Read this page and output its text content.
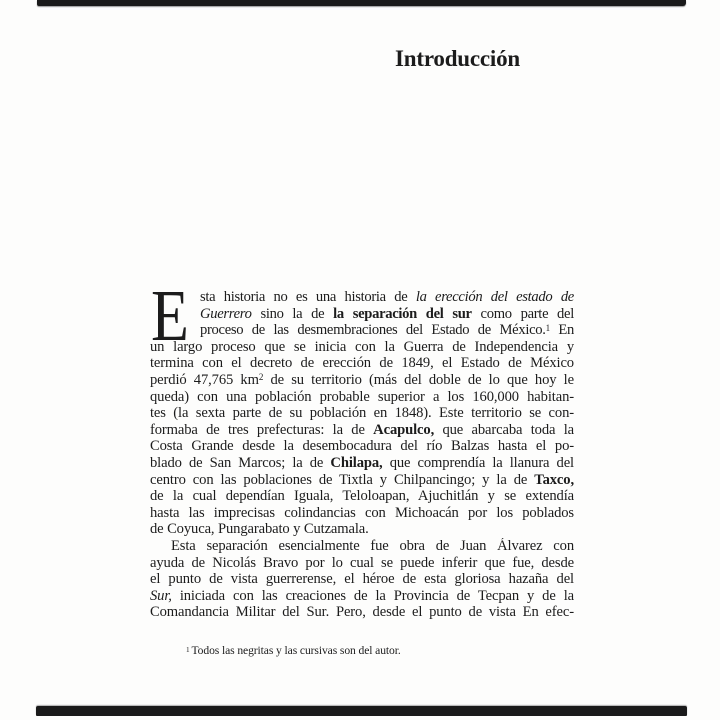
Introducción
E sta historia no es una historia de la erección del estado de
Guerrero sino la de la separación del sur como parte del
proceso de las desmembraciones del Estado de México.$^1$ En
un largo proceso que se inicia con la Guerra de Independencia y
termina con el decreto de erección de 1849, el Estado de México
perdió 47,765 $km^2$ de su territorio (más del doble de lo que hoy le
queda) con una población probable superior a los 160,000 habitan-
tes (la sexta parte de su población en 1848). Este territorio se con-
formaba de tres prefecturas: la de Acapulco, que abarcaba toda la
Costa Grande desde la desembocadura del río Balzas hasta el po-
blado de San Marcos; la de Chilapa, que comprendía la llanura del
centro con las poblaciones de Tixtla y Chilpancingo; y la de Taxco,
de la cual dependían Iguala, Teloloapan, Ajuchitlán y se extendía
hasta las imprecisas colindancias con Michoacán por los poblados
de Coyuca, Pungarabato y Cutzamala.
Esta separación esencialmente fue obra de Juan Álvarez con
ayuda de Nicolás Bravo por lo cual se puede inferir que fue, desde
el punto de vista guerrerense, el héroe de esta gloriosa hazaña del
Sur, iniciada con las creaciones de la Provincia de Tecpan y de la
Comandancia Militar del Sur. Pero, desde el punto de vista En efec-
$^1$ Todos las negritas y las cursivas son del autor.
